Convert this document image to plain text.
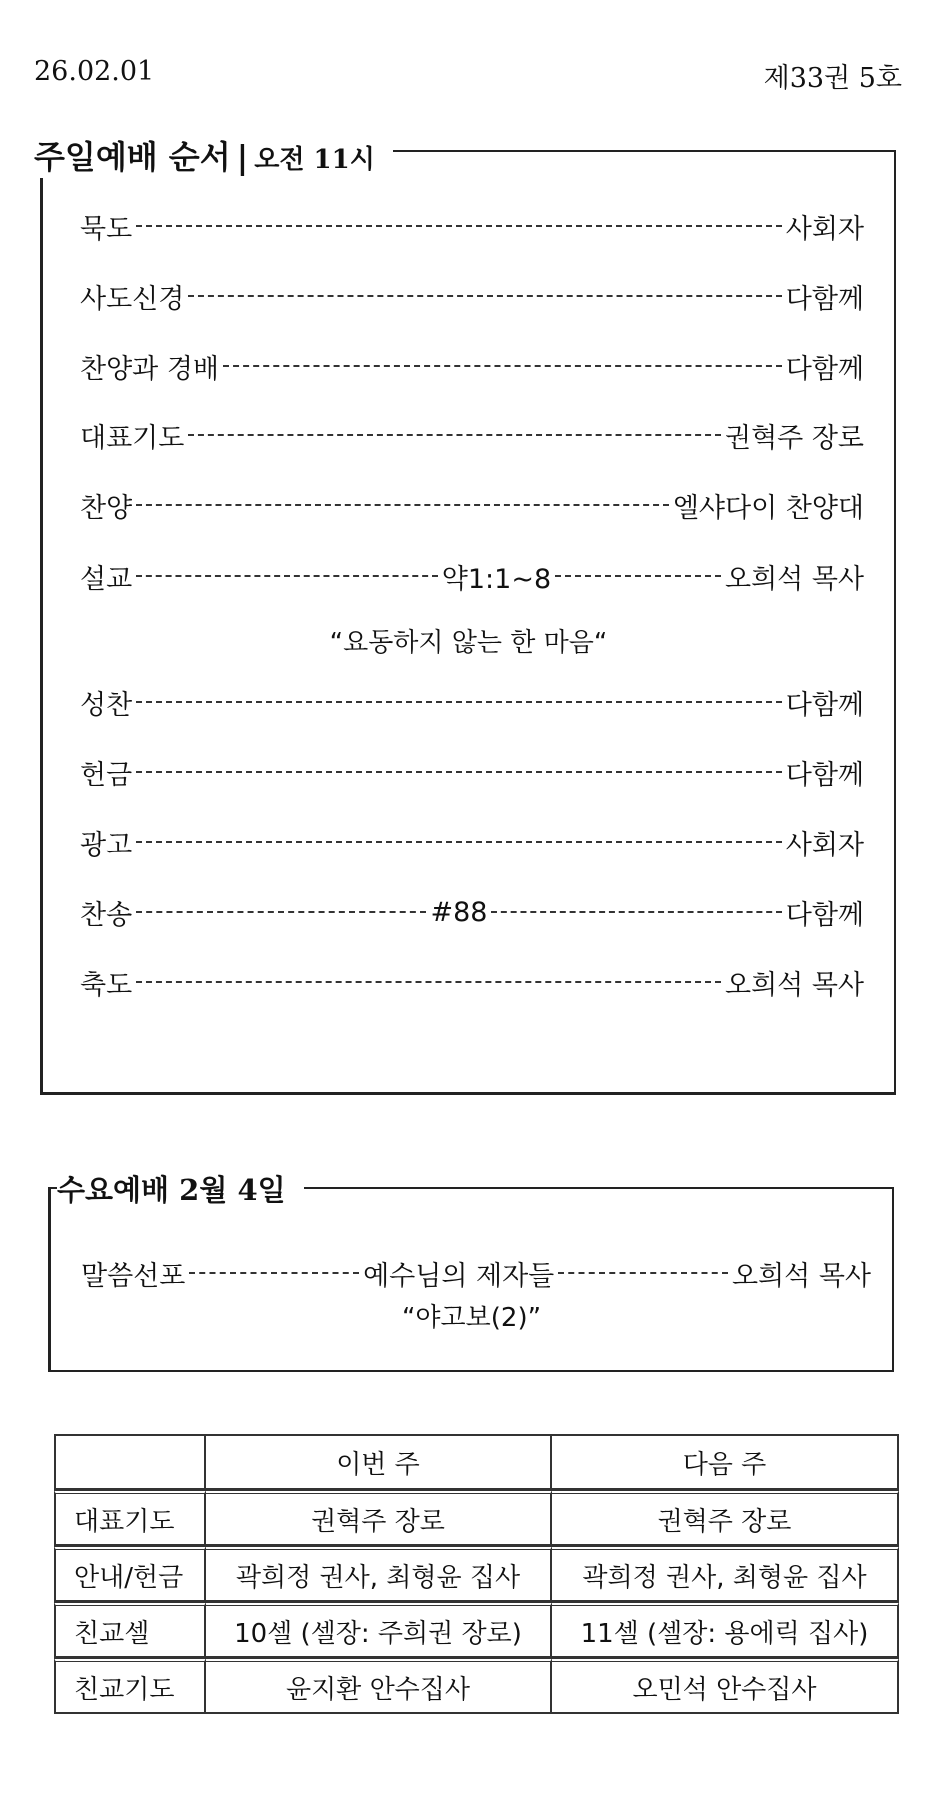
26.02.01	제33권 5호
묵도	사회자
사도신경	다함께
찬양과 경배	다함께
대표기도	권혁주 장로
찬양	엘샤다이 찬양대
설교	약1:1~8	오희석 목사
“요동하지 않는 한 마음“
성찬	다함께
헌금	다함께
광고	사회자
찬송	#88	다함께
축도	오희석 목사
주일예배 순서 | 오전 11시
말씀선포	예수님의 제자들	오희석 목사
“야고보(2)”
수요예배 2월 4일
	이번 주	다음 주
대표기도	권혁주 장로	권혁주 장로
안내/헌금	곽희정 권사, 최형윤 집사	곽희정 권사, 최형윤 집사
친교셀	10셀 (셀장: 주희권 장로)	11셀 (셀장: 용에릭 집사)
친교기도	윤지환 안수집사	오민석 안수집사
